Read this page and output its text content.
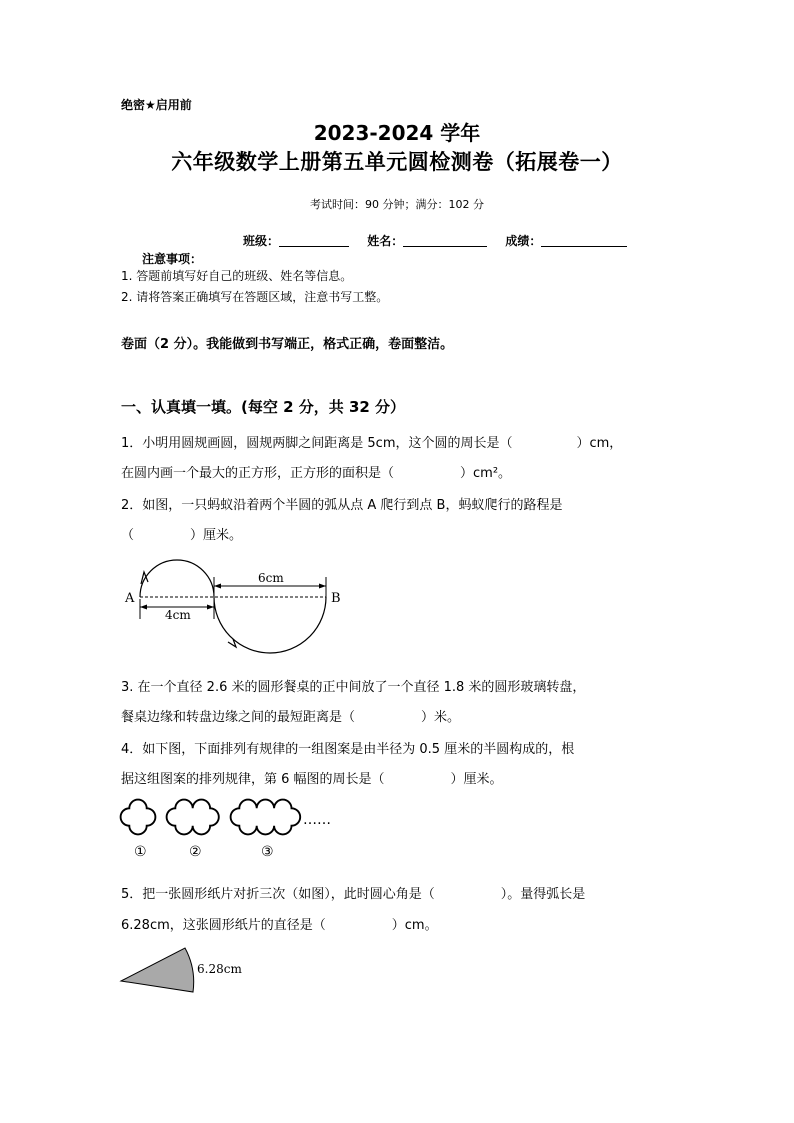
绝密★启用前
2023-2024 学年
六年级数学上册第五单元圆检测卷（拓展卷一）
考试时间：90 分钟；满分：102 分
班级：	姓名：	成绩：
注意事项：
1. 答题前填写好自己的班级、姓名等信息。
2. 请将答案正确填写在答题区域，注意书写工整。
卷面（2 分）。我能做到书写端正，格式正确，卷面整洁。
一、认真填一填。(每空 2 分，共 32 分）
1．小明用圆规画圆，圆规两脚之间距离是 5cm，这个圆的周长是（	）cm，
在圆内画一个最大的正方形，正方形的面积是（	）cm²。
2．如图，一只蚂蚁沿着两个半圆的弧从点 A 爬行到点 B，蚂蚁爬行的路程是
（	）厘米。
6cm
4cm
A	B
3. 在一个直径 2.6 米的圆形餐桌的正中间放了一个直径 1.8 米的圆形玻璃转盘，
餐桌边缘和转盘边缘之间的最短距离是（	）米。
4．如下图，下面排列有规律的一组图案是由半径为 0.5 厘米的半圆构成的，根
据这组图案的排列规律，第 6 幅图的周长是（	）厘米。
……
①	②	③
5．把一张圆形纸片对折三次（如图），此时圆心角是（	）。量得弧长是
6.28cm，这张圆形纸片的直径是（	）cm。
6.28cm
